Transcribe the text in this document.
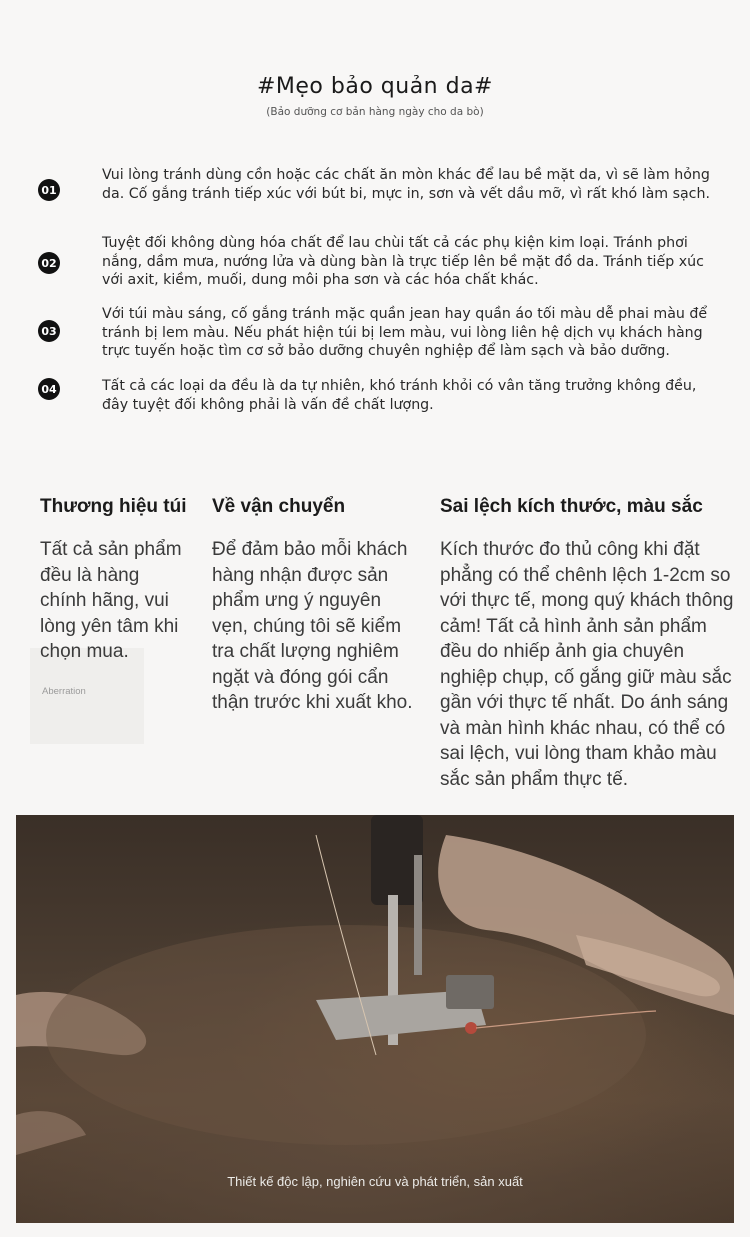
#Mẹo bảo quản da#
(Bảo dưỡng cơ bản hàng ngày cho da bò)
01
Vui lòng tránh dùng cồn hoặc các chất ăn mòn khác để lau bề mặt da, vì sẽ làm hỏng da. Cố gắng tránh tiếp xúc với bút bi, mực in, sơn và vết dầu mỡ, vì rất khó làm sạch.
02
Tuyệt đối không dùng hóa chất để lau chùi tất cả các phụ kiện kim loại. Tránh phơi nắng, dầm mưa, nướng lửa và dùng bàn là trực tiếp lên bề mặt đồ da. Tránh tiếp xúc với axit, kiềm, muối, dung môi pha sơn và các hóa chất khác.
03
Với túi màu sáng, cố gắng tránh mặc quần jean hay quần áo tối màu dễ phai màu để tránh bị lem màu. Nếu phát hiện túi bị lem màu, vui lòng liên hệ dịch vụ khách hàng trực tuyến hoặc tìm cơ sở bảo dưỡng chuyên nghiệp để làm sạch và bảo dưỡng.
04	Tất cả các loại da đều là da tự nhiên, khó tránh khỏi có vân tăng trưởng không đều, đây tuyệt đối không phải là vấn đề chất lượng.
Aberration
Thương hiệu túi
Tất cả sản phẩm đều là hàng chính hãng, vui lòng yên tâm khi chọn mua.
Về vận chuyển
Để đảm bảo mỗi khách hàng nhận được sản phẩm ưng ý nguyên vẹn, chúng tôi sẽ kiểm tra chất lượng nghiêm ngặt và đóng gói cẩn thận trước khi xuất kho.
Sai lệch kích thước, màu sắc
Kích thước đo thủ công khi đặt phẳng có thể chênh lệch 1-2cm so với thực tế, mong quý khách thông cảm! Tất cả hình ảnh sản phẩm đều do nhiếp ảnh gia chuyên nghiệp chụp, cố gắng giữ màu sắc gần với thực tế nhất. Do ánh sáng và màn hình khác nhau, có thể có sai lệch, vui lòng tham khảo màu sắc sản phẩm thực tế.
Thiết kế độc lập, nghiên cứu và phát triển, sản xuất
